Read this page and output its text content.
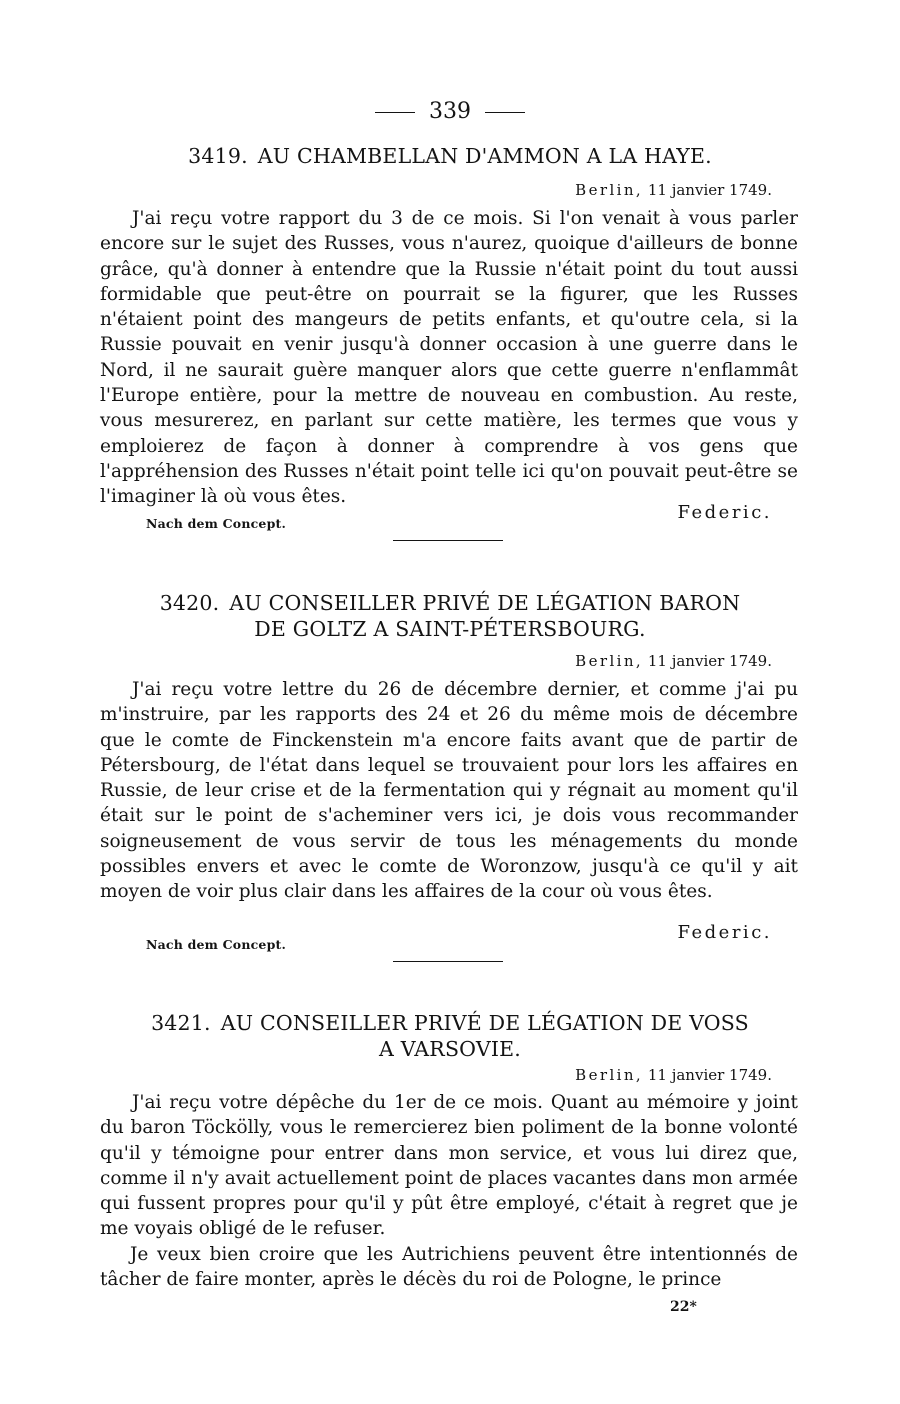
339
3419. AU CHAMBELLAN D'AMMON A LA HAYE.
Berlin, 11 janvier 1749.

J'ai reçu votre rapport du 3 de ce mois. Si l'on venait à vous parler encore sur le sujet des Russes, vous n'aurez, quoique d'ailleurs de bonne grâce, qu'à donner à entendre que la Russie n'était point du tout aussi formidable que peut-être on pourrait se la figurer, que les Russes n'étaient point des mangeurs de petits enfants, et qu'outre cela, si la Russie pouvait en venir jusqu'à donner occasion à une guerre dans le Nord, il ne saurait guère manquer alors que cette guerre n'enflammât l'Europe entière, pour la mettre de nouveau en combustion. Au reste, vous mesurerez, en parlant sur cette matière, les termes que vous y emploierez de façon à donner à comprendre à vos gens que l'appréhension des Russes n'était point telle ici qu'on pouvait peut-être se l'imaginer là où vous êtes.

Federic.
Nach dem Concept.
3420. AU CONSEILLER PRIVÉ DE LÉGATION BARON
DE GOLTZ A SAINT-PÉTERSBOURG.
Berlin, 11 janvier 1749.

J'ai reçu votre lettre du 26 de décembre dernier, et comme j'ai pu m'instruire, par les rapports des 24 et 26 du même mois de décembre que le comte de Finckenstein m'a encore faits avant que de partir de Pétersbourg, de l'état dans lequel se trouvaient pour lors les affaires en Russie, de leur crise et de la fermentation qui y régnait au moment qu'il était sur le point de s'acheminer vers ici, je dois vous recommander soigneusement de vous servir de tous les ménagements du monde possibles envers et avec le comte de Woronzow, jusqu'à ce qu'il y ait moyen de voir plus clair dans les affaires de la cour où vous êtes.

Federic.
Nach dem Concept.
3421. AU CONSEILLER PRIVÉ DE LÉGATION DE VOSS
A VARSOVIE.
Berlin, 11 janvier 1749.

J'ai reçu votre dépêche du 1er de ce mois. Quant au mémoire y joint du baron Töckölly, vous le remercierez bien poliment de la bonne volonté qu'il y témoigne pour entrer dans mon service, et vous lui direz que, comme il n'y avait actuellement point de places vacantes dans mon armée qui fussent propres pour qu'il y pût être employé, c'était à regret que je me voyais obligé de le refuser.

Je veux bien croire que les Autrichiens peuvent être intentionnés de tâcher de faire monter, après le décès du roi de Pologne, le prince

22*
